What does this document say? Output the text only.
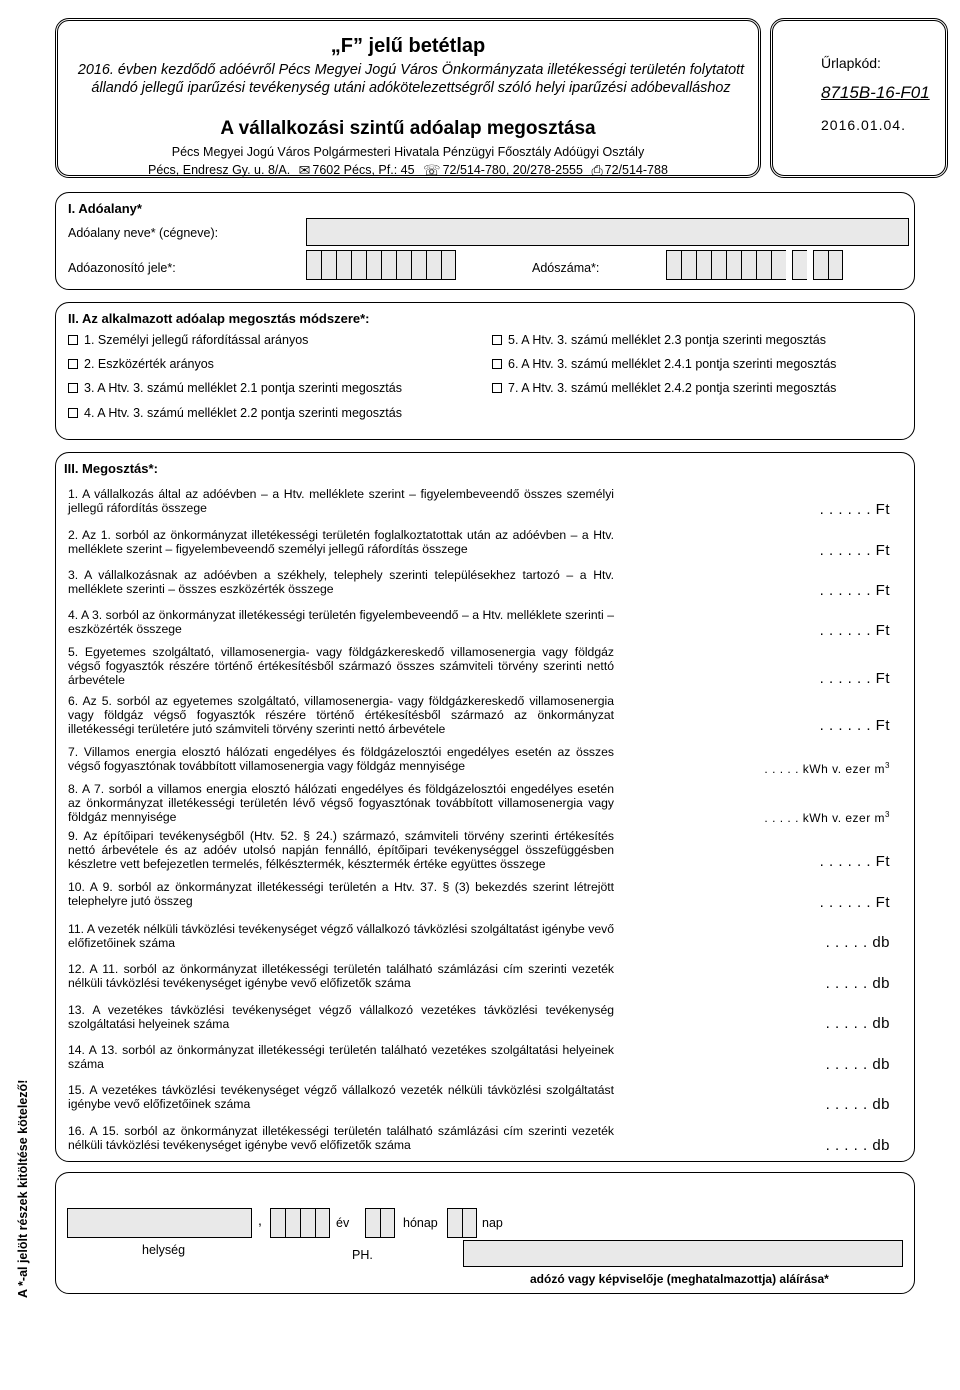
„F” jelű betétlap
2016. évben kezdődő adóévről Pécs Megyei Jogú Város Önkormányzata illetékességi területén folytatott állandó jellegű iparűzési tevékenység utáni adókötelezettségről szóló helyi iparűzési adóbevalláshoz
A vállalkozási szintű adóalap megosztása
Pécs Megyei Jogú Város Polgármesteri Hivatala Pénzügyi Főosztály Adóügyi Osztály
Pécs, Endresz Gy. u. 8/A. ✉ 7602 Pécs, Pf.: 45 ☏ 72/514-780, 20/278-2555 ⎙ 72/514-788
Űrlapkód:
8715B-16-F01
2016.01.04.
I. Adóalany*
Adóalany neve* (cégneve):
Adóazonosító jele*:	Adószáma*:
II. Az alkalmazott adóalap megosztás módszere*:
1. Személyi jellegű ráfordítással arányos
2. Eszközérték arányos
3. A Htv. 3. számú melléklet 2.1 pontja szerinti megosztás
4. A Htv. 3. számú melléklet 2.2 pontja szerinti megosztás
5. A Htv. 3. számú melléklet 2.3 pontja szerinti megosztás
6. A Htv. 3. számú melléklet 2.4.1 pontja szerinti megosztás
7. A Htv. 3. számú melléklet 2.4.2 pontja szerinti megosztás
III. Megosztás*:
1. A vállalkozás által az adóévben – a Htv. melléklete szerint – figyelembeveendő összes személyi jellegű ráfordítás összege	. . . . . . Ft
2. Az 1. sorból az önkormányzat illetékességi területén foglalkoztatottak után az adóévben – a Htv. melléklete szerint – figyelembeveendő személyi jellegű ráfordítás összege	. . . . . . Ft
3. A vállalkozásnak az adóévben a székhely, telephely szerinti településekhez tartozó – a Htv. melléklete szerinti – összes eszközérték összege	. . . . . . Ft
4. A 3. sorból az önkormányzat illetékességi területén figyelembeveendő – a Htv. melléklete szerinti – eszközérték összege	. . . . . . Ft
5. Egyetemes szolgáltató, villamosenergia- vagy földgázkereskedő villamosenergia vagy földgáz végső fogyasztók részére történő értékesítésből származó összes számviteli törvény szerinti nettó árbevétele	. . . . . . Ft
6. Az 5. sorból az egyetemes szolgáltató, villamosenergia- vagy földgázkereskedő villamosenergia vagy földgáz végső fogyasztók részére történő értékesítésből származó az önkormányzat illetékességi területére jutó számviteli törvény szerinti nettó árbevétele	. . . . . . Ft
7. Villamos energia elosztó hálózati engedélyes és földgázelosztói engedélyes esetén az összes végső fogyasztónak továbbított villamosenergia vagy földgáz mennyisége	. . . . . kWh v. ezer $m^3$
8. A 7. sorból a villamos energia elosztó hálózati engedélyes és földgázelosztói engedélyes esetén az önkormányzat illetékességi területén lévő végső fogyasztónak továbbított villamosenergia vagy földgáz mennyisége	. . . . . kWh v. ezer $m^3$
9. Az építőipari tevékenységből (Htv. 52. § 24.) származó, számviteli törvény szerinti értékesítés nettó árbevétele és az adóév utolsó napján fennálló, építőipari tevékenységgel összefüggésben készletre vett befejezetlen termelés, félkésztermék, késztermék értéke együttes összege	. . . . . . Ft
10. A 9. sorból az önkormányzat illetékességi területén a Htv. 37. § (3) bekezdés szerint létrejött telephelyre jutó összeg	. . . . . . Ft
11. A vezeték nélküli távközlési tevékenységet végző vállalkozó távközlési szolgáltatást igénybe vevő előfizetőinek száma	. . . . . db
12. A 11. sorból az önkormányzat illetékességi területén található számlázási cím szerinti vezeték nélküli távközlési tevékenységet igénybe vevő előfizetők száma	. . . . . db
13. A vezetékes távközlési tevékenységet végző vállalkozó vezetékes távközlési tevékenység szolgáltatási helyeinek száma	. . . . . db
14. A 13. sorból az önkormányzat illetékességi területén található vezetékes szolgáltatási helyeinek száma	. . . . . db
15. A vezetékes távközlési tevékenységet végző vállalkozó vezeték nélküli távközlési szolgáltatást igénybe vevő előfizetőinek száma	. . . . . db
16. A 15. sorból az önkormányzat illetékességi területén található számlázási cím szerinti vezeték nélküli távközlési tevékenységet igénybe vevő előfizetők száma	. . . . . db
,	év	hónap	nap
helység	PH.
adózó vagy képviselője (meghatalmazottja) aláírása*
A *-al jelölt részek kitöltése kötelező!
